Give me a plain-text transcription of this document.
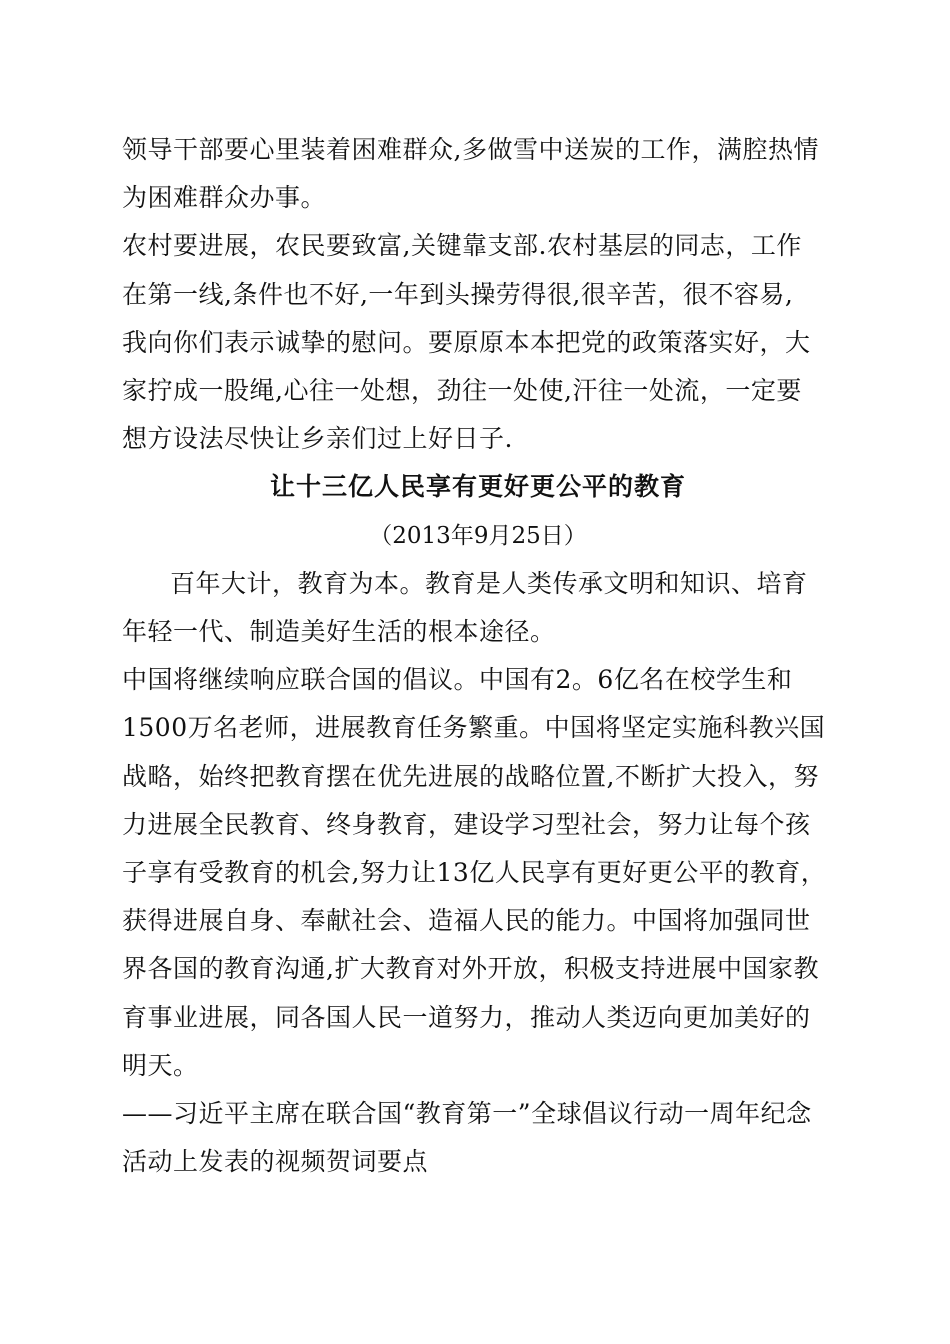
领导干部要心里装着困难群众,多做雪中送炭的工作，满腔热情
为困难群众办事。
农村要进展，农民要致富,关键靠支部.农村基层的同志，工作
在第一线,条件也不好,一年到头操劳得很,很辛苦，很不容易,
我向你们表示诚挚的慰问。要原原本本把党的政策落实好，大
家拧成一股绳,心往一处想，劲往一处使,汗往一处流，一定要
想方设法尽快让乡亲们过上好日子.
让十三亿人民享有更好更公平的教育
（2013年9月25日）
百年大计，教育为本。教育是人类传承文明和知识、培育
年轻一代、制造美好生活的根本途径。
中国将继续响应联合国的倡议。中国有2。6亿名在校学生和
1500万名老师，进展教育任务繁重。中国将坚定实施科教兴国
战略，始终把教育摆在优先进展的战略位置,不断扩大投入，努
力进展全民教育、终身教育，建设学习型社会，努力让每个孩
子享有受教育的机会,努力让13亿人民享有更好更公平的教育，
获得进展自身、奉献社会、造福人民的能力。中国将加强同世
界各国的教育沟通,扩大教育对外开放，积极支持进展中国家教
育事业进展，同各国人民一道努力，推动人类迈向更加美好的
明天。
——习近平主席在联合国“教育第一”全球倡议行动一周年纪念
活动上发表的视频贺词要点
